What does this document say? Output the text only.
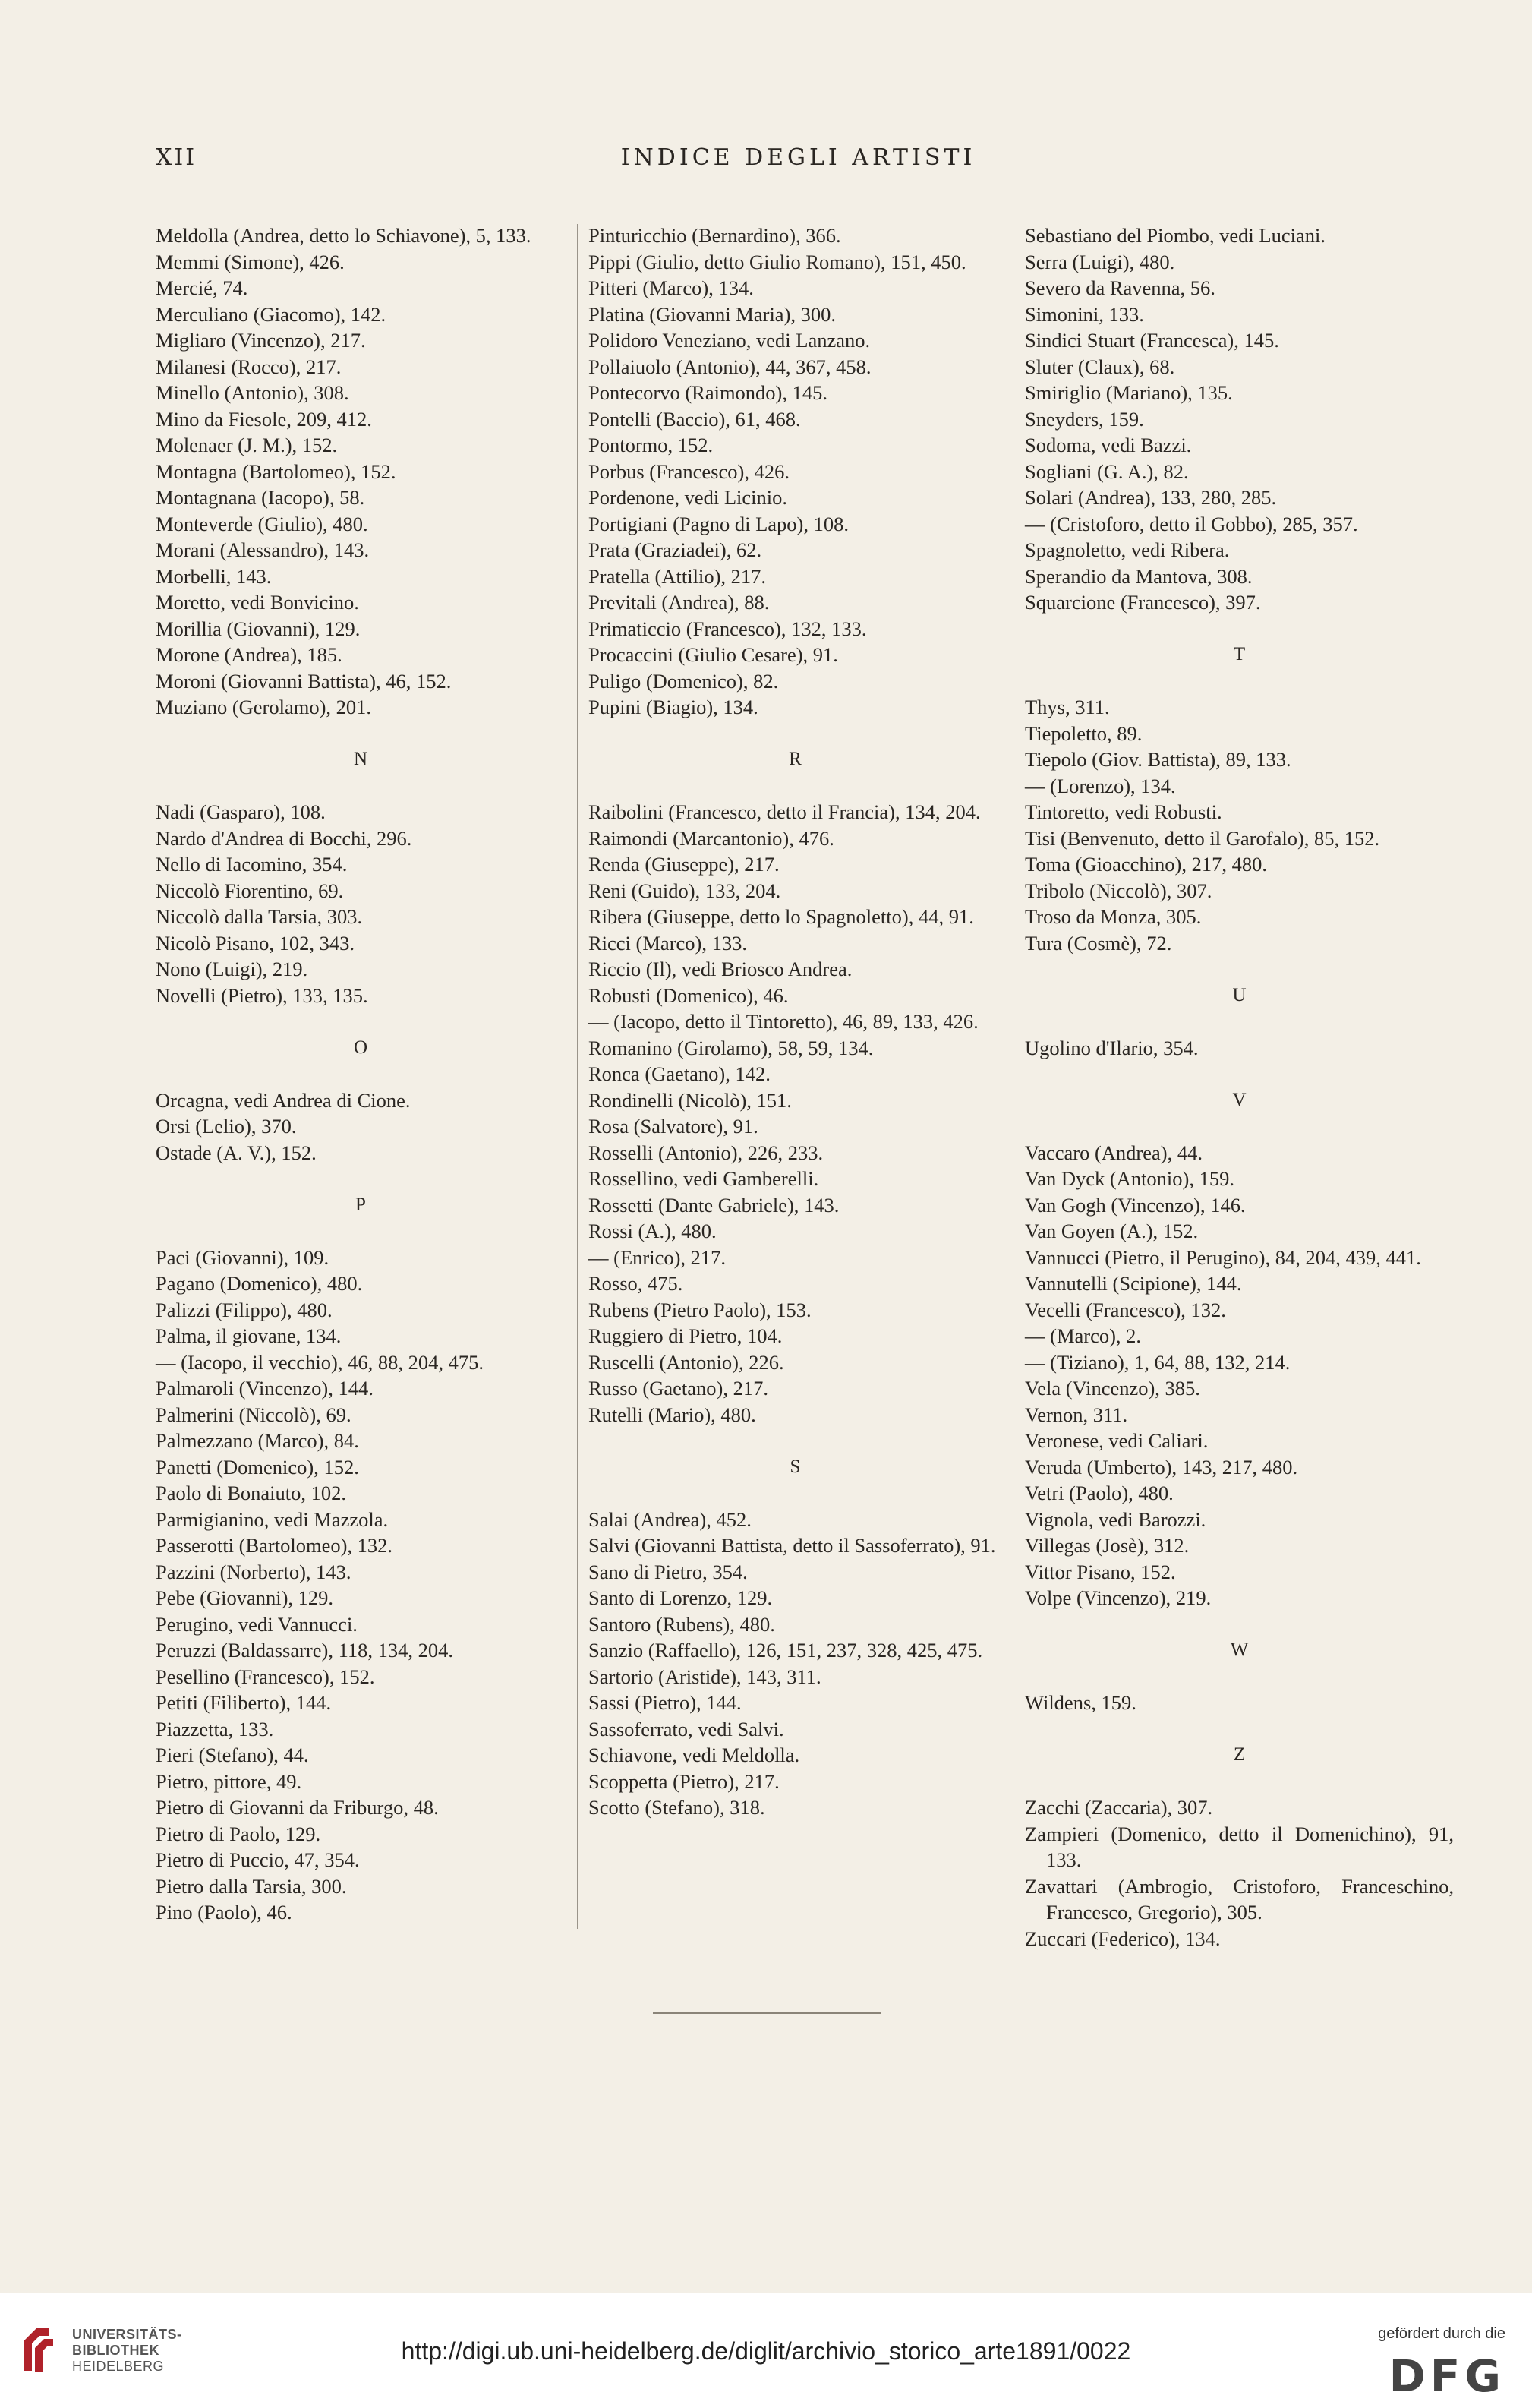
XII	INDICE DEGLI ARTISTI
Meldolla (Andrea, detto lo Schiavone), 5, 133.
Memmi (Simone), 426.
Mercié, 74.
Merculiano (Giacomo), 142.
Migliaro (Vincenzo), 217.
Milanesi (Rocco), 217.
Minello (Antonio), 308.
Mino da Fiesole, 209, 412.
Molenaer (J. M.), 152.
Montagna (Bartolomeo), 152.
Montagnana (Iacopo), 58.
Monteverde (Giulio), 480.
Morani (Alessandro), 143.
Morbelli, 143.
Moretto, vedi Bonvicino.
Morillia (Giovanni), 129.
Morone (Andrea), 185.
Moroni (Giovanni Battista), 46, 152.
Muziano (Gerolamo), 201.
N
Nadi (Gasparo), 108.
Nardo d'Andrea di Bocchi, 296.
Nello di Iacomino, 354.
Niccolò Fiorentino, 69.
Niccolò dalla Tarsia, 303.
Nicolò Pisano, 102, 343.
Nono (Luigi), 219.
Novelli (Pietro), 133, 135.
O
Orcagna, vedi Andrea di Cione.
Orsi (Lelio), 370.
Ostade (A. V.), 152.
P
Paci (Giovanni), 109.
Pagano (Domenico), 480.
Palizzi (Filippo), 480.
Palma, il giovane, 134.
— (Iacopo, il vecchio), 46, 88, 204, 475.
Palmaroli (Vincenzo), 144.
Palmerini (Niccolò), 69.
Palmezzano (Marco), 84.
Panetti (Domenico), 152.
Paolo di Bonaiuto, 102.
Parmigianino, vedi Mazzola.
Passerotti (Bartolomeo), 132.
Pazzini (Norberto), 143.
Pebe (Giovanni), 129.
Perugino, vedi Vannucci.
Peruzzi (Baldassarre), 118, 134, 204.
Pesellino (Francesco), 152.
Petiti (Filiberto), 144.
Piazzetta, 133.
Pieri (Stefano), 44.
Pietro, pittore, 49.
Pietro di Giovanni da Friburgo, 48.
Pietro di Paolo, 129.
Pietro di Puccio, 47, 354.
Pietro dalla Tarsia, 300.
Pino (Paolo), 46.
Pinturicchio (Bernardino), 366.
Pippi (Giulio, detto Giulio Romano), 151, 450.
Pitteri (Marco), 134.
Platina (Giovanni Maria), 300.
Polidoro Veneziano, vedi Lanzano.
Pollaiuolo (Antonio), 44, 367, 458.
Pontecorvo (Raimondo), 145.
Pontelli (Baccio), 61, 468.
Pontormo, 152.
Porbus (Francesco), 426.
Pordenone, vedi Licinio.
Portigiani (Pagno di Lapo), 108.
Prata (Graziadei), 62.
Pratella (Attilio), 217.
Previtali (Andrea), 88.
Primaticcio (Francesco), 132, 133.
Procaccini (Giulio Cesare), 91.
Puligo (Domenico), 82.
Pupini (Biagio), 134.
R
Raibolini (Francesco, detto il Francia), 134, 204.
Raimondi (Marcantonio), 476.
Renda (Giuseppe), 217.
Reni (Guido), 133, 204.
Ribera (Giuseppe, detto lo Spagnoletto), 44, 91.
Ricci (Marco), 133.
Riccio (Il), vedi Briosco Andrea.
Robusti (Domenico), 46.
— (Iacopo, detto il Tintoretto), 46, 89, 133, 426.
Romanino (Girolamo), 58, 59, 134.
Ronca (Gaetano), 142.
Rondinelli (Nicolò), 151.
Rosa (Salvatore), 91.
Rosselli (Antonio), 226, 233.
Rossellino, vedi Gamberelli.
Rossetti (Dante Gabriele), 143.
Rossi (A.), 480.
— (Enrico), 217.
Rosso, 475.
Rubens (Pietro Paolo), 153.
Ruggiero di Pietro, 104.
Ruscelli (Antonio), 226.
Russo (Gaetano), 217.
Rutelli (Mario), 480.
S
Salai (Andrea), 452.
Salvi (Giovanni Battista, detto il Sassoferrato), 91.
Sano di Pietro, 354.
Santo di Lorenzo, 129.
Santoro (Rubens), 480.
Sanzio (Raffaello), 126, 151, 237, 328, 425, 475.
Sartorio (Aristide), 143, 311.
Sassi (Pietro), 144.
Sassoferrato, vedi Salvi.
Schiavone, vedi Meldolla.
Scoppetta (Pietro), 217.
Scotto (Stefano), 318.
Sebastiano del Piombo, vedi Luciani.
Serra (Luigi), 480.
Severo da Ravenna, 56.
Simonini, 133.
Sindici Stuart (Francesca), 145.
Sluter (Claux), 68.
Smiriglio (Mariano), 135.
Sneyders, 159.
Sodoma, vedi Bazzi.
Sogliani (G. A.), 82.
Solari (Andrea), 133, 280, 285.
— (Cristoforo, detto il Gobbo), 285, 357.
Spagnoletto, vedi Ribera.
Sperandio da Mantova, 308.
Squarcione (Francesco), 397.
T
Thys, 311.
Tiepoletto, 89.
Tiepolo (Giov. Battista), 89, 133.
— (Lorenzo), 134.
Tintoretto, vedi Robusti.
Tisi (Benvenuto, detto il Garofalo), 85, 152.
Toma (Gioacchino), 217, 480.
Tribolo (Niccolò), 307.
Troso da Monza, 305.
Tura (Cosmè), 72.
U
Ugolino d'Ilario, 354.
V
Vaccaro (Andrea), 44.
Van Dyck (Antonio), 159.
Van Gogh (Vincenzo), 146.
Van Goyen (A.), 152.
Vannucci (Pietro, il Perugino), 84, 204, 439, 441.
Vannutelli (Scipione), 144.
Vecelli (Francesco), 132.
— (Marco), 2.
— (Tiziano), 1, 64, 88, 132, 214.
Vela (Vincenzo), 385.
Vernon, 311.
Veronese, vedi Caliari.
Veruda (Umberto), 143, 217, 480.
Vetri (Paolo), 480.
Vignola, vedi Barozzi.
Villegas (Josè), 312.
Vittor Pisano, 152.
Volpe (Vincenzo), 219.
W
Wildens, 159.
Z
Zacchi (Zaccaria), 307.
Zampieri (Domenico, detto il Domenichino), 91, 133.
Zavattari (Ambrogio, Cristoforo, Franceschino, Francesco, Gregorio), 305.
Zuccari (Federico), 134.
UNIVERSITÄTS-
BIBLIOTHEK
HEIDELBERG
http://digi.ub.uni-heidelberg.de/diglit/archivio_storico_arte1891/0022
gefördert durch die
DFG
